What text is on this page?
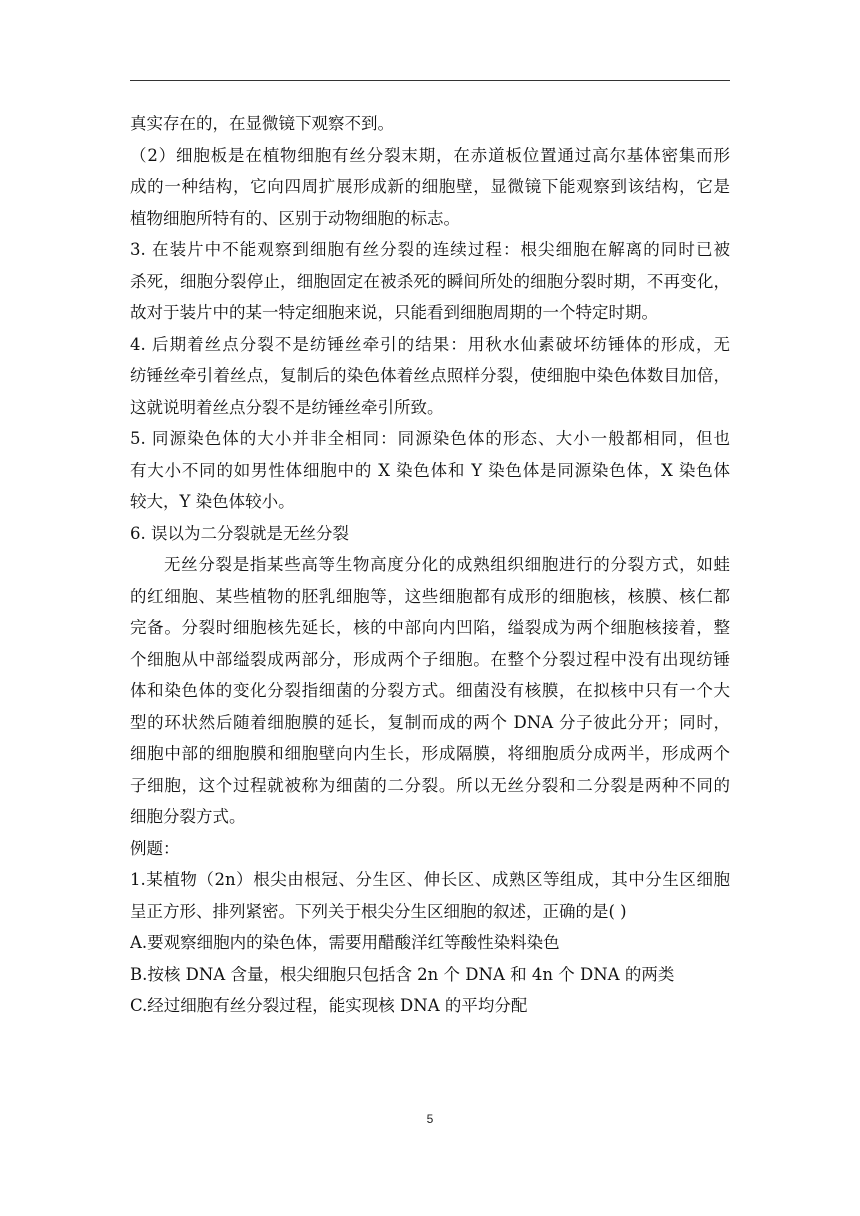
真实存在的，在显微镜下观察不到。
（2）细胞板是在植物细胞有丝分裂末期，在赤道板位置通过高尔基体密集而形
成的一种结构，它向四周扩展形成新的细胞壁，显微镜下能观察到该结构，它是
植物细胞所特有的、区别于动物细胞的标志。
3. 在装片中不能观察到细胞有丝分裂的连续过程：根尖细胞在解离的同时已被
杀死，细胞分裂停止，细胞固定在被杀死的瞬间所处的细胞分裂时期，不再变化，
故对于装片中的某一特定细胞来说，只能看到细胞周期的一个特定时期。
4. 后期着丝点分裂不是纺锤丝牵引的结果：用秋水仙素破坏纺锤体的形成，无
纺锤丝牵引着丝点，复制后的染色体着丝点照样分裂，使细胞中染色体数目加倍，
这就说明着丝点分裂不是纺锤丝牵引所致。
5. 同源染色体的大小并非全相同：同源染色体的形态、大小一般都相同，但也
有大小不同的如男性体细胞中的 X 染色体和 Y 染色体是同源染色体，X 染色体
较大，Y 染色体较小。
6. 误以为二分裂就是无丝分裂
无丝分裂是指某些高等生物高度分化的成熟组织细胞进行的分裂方式，如蛙
的红细胞、某些植物的胚乳细胞等，这些细胞都有成形的细胞核，核膜、核仁都
完备。分裂时细胞核先延长，核的中部向内凹陷，缢裂成为两个细胞核接着，整
个细胞从中部缢裂成两部分，形成两个子细胞。在整个分裂过程中没有出现纺锤
体和染色体的变化分裂指细菌的分裂方式。细菌没有核膜，在拟核中只有一个大
型的环状然后随着细胞膜的延长，复制而成的两个 DNA 分子彼此分开；同时，
细胞中部的细胞膜和细胞壁向内生长，形成隔膜，将细胞质分成两半，形成两个
子细胞，这个过程就被称为细菌的二分裂。所以无丝分裂和二分裂是两种不同的
细胞分裂方式。
例题：
1.某植物（2n）根尖由根冠、分生区、伸长区、成熟区等组成，其中分生区细胞
呈正方形、排列紧密。下列关于根尖分生区细胞的叙述，正确的是( )
A.要观察细胞内的染色体，需要用醋酸洋红等酸性染料染色
B.按核 DNA 含量，根尖细胞只包括含 2n 个 DNA 和 4n 个 DNA 的两类
C.经过细胞有丝分裂过程，能实现核 DNA 的平均分配
5
